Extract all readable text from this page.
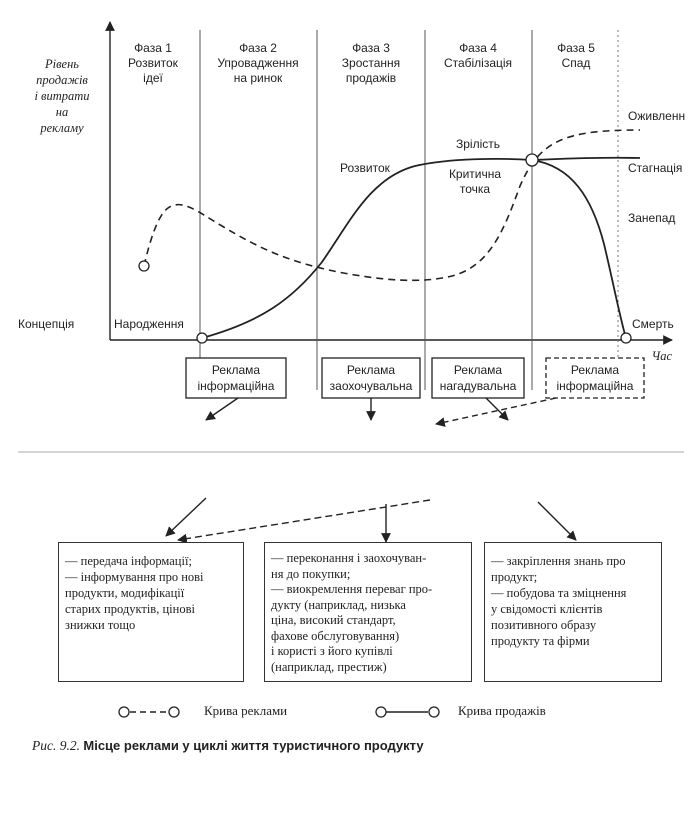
Рівень
продажів
і витрати
на
рекламу
Час
Фаза 1
Розвиток
ідеї
Фаза 2
Упровадження
на ринок
Фаза 3
Зростання
продажів
Фаза 4
Стабілізація
Фаза 5
Спад
Концепція	Народження
Розвиток
Зрілість
Критична
точка
Оживленн
Стагнація
Занепад
Смерть
Реклама
інформаційна
Реклама
заохочувальна
Реклама
нагадувальна
Реклама
інформаційна
— передача інформації;
— інформування про нові
продукти, модифікації
старих продуктів, цінові
знижки тощо
— переконання і заохочуван-
ня до покупки;
— виокремлення переваг про-
дукту (наприклад, низька
ціна, високий стандарт,
фахове обслуговування)
і користі з його купівлі
(наприклад, престиж)
— закріплення знань про
продукт;
— побудова та зміцнення
у свідомості клієнтів
позитивного образу
продукту та фірми
Крива реклами	Крива продажів
Рис. 9.2. Місце реклами у циклі життя туристичного продукту
